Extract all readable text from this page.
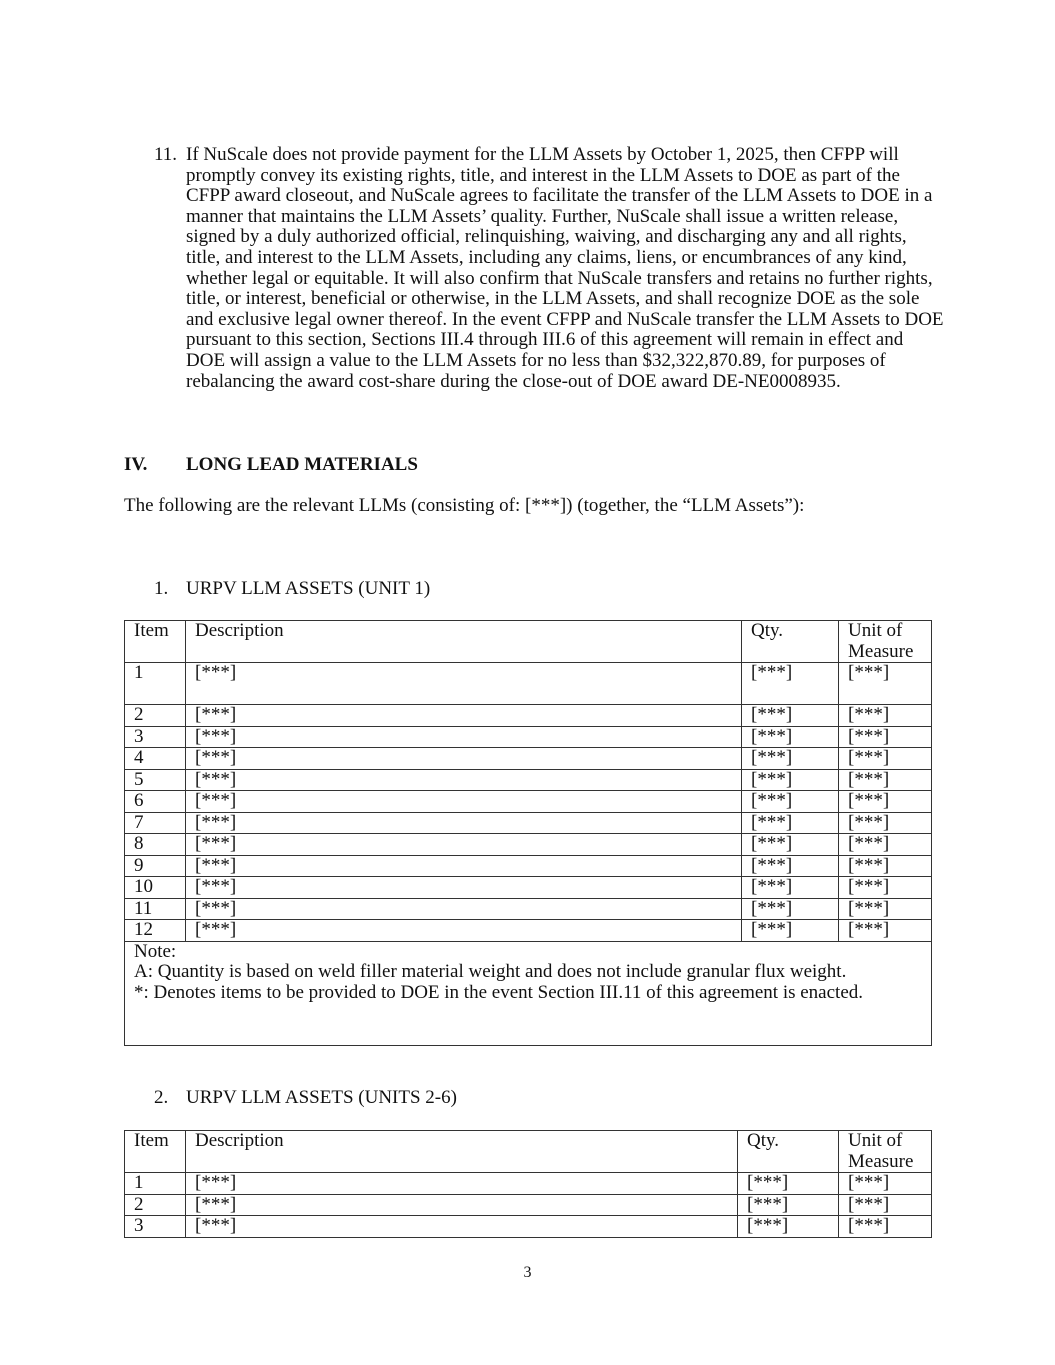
11. If NuScale does not provide payment for the LLM Assets by October 1, 2025, then CFPP will promptly convey its existing rights, title, and interest in the LLM Assets to DOE as part of the CFPP award closeout, and NuScale agrees to facilitate the transfer of the LLM Assets to DOE in a manner that maintains the LLM Assets’ quality. Further, NuScale shall issue a written release, signed by a duly authorized official, relinquishing, waiving, and discharging any and all rights, title, and interest to the LLM Assets, including any claims, liens, or encumbrances of any kind, whether legal or equitable. It will also confirm that NuScale transfers and retains no further rights, title, or interest, beneficial or otherwise, in the LLM Assets, and shall recognize DOE as the sole and exclusive legal owner thereof. In the event CFPP and NuScale transfer the LLM Assets to DOE pursuant to this section, Sections III.4 through III.6 of this agreement will remain in effect and DOE will assign a value to the LLM Assets for no less than $32,322,870.89, for purposes of rebalancing the award cost-share during the close-out of DOE award DE-NE0008935.
IV. LONG LEAD MATERIALS
The following are the relevant LLMs (consisting of: [***]) (together, the “LLM Assets”):
1. URPV LLM ASSETS (UNIT 1)
Item	Description	Qty.	Unit of Measure
1	[***]	[***]	[***]
2	[***]	[***]	[***]
3	[***]	[***]	[***]
4	[***]	[***]	[***]
5	[***]	[***]	[***]
6	[***]	[***]	[***]
7	[***]	[***]	[***]
8	[***]	[***]	[***]
9	[***]	[***]	[***]
10	[***]	[***]	[***]
11	[***]	[***]	[***]
12	[***]	[***]	[***]

Note:
A: Quantity is based on weld filler material weight and does not include granular flux weight.
*: Denotes items to be provided to DOE in the event Section III.11 of this agreement is enacted.			
2. URPV LLM ASSETS (UNITS 2-6)
Item	Description	Qty.	Unit of Measure
1	[***]	[***]	[***]
2	[***]	[***]	[***]
3	[***]	[***]	[***]
3
